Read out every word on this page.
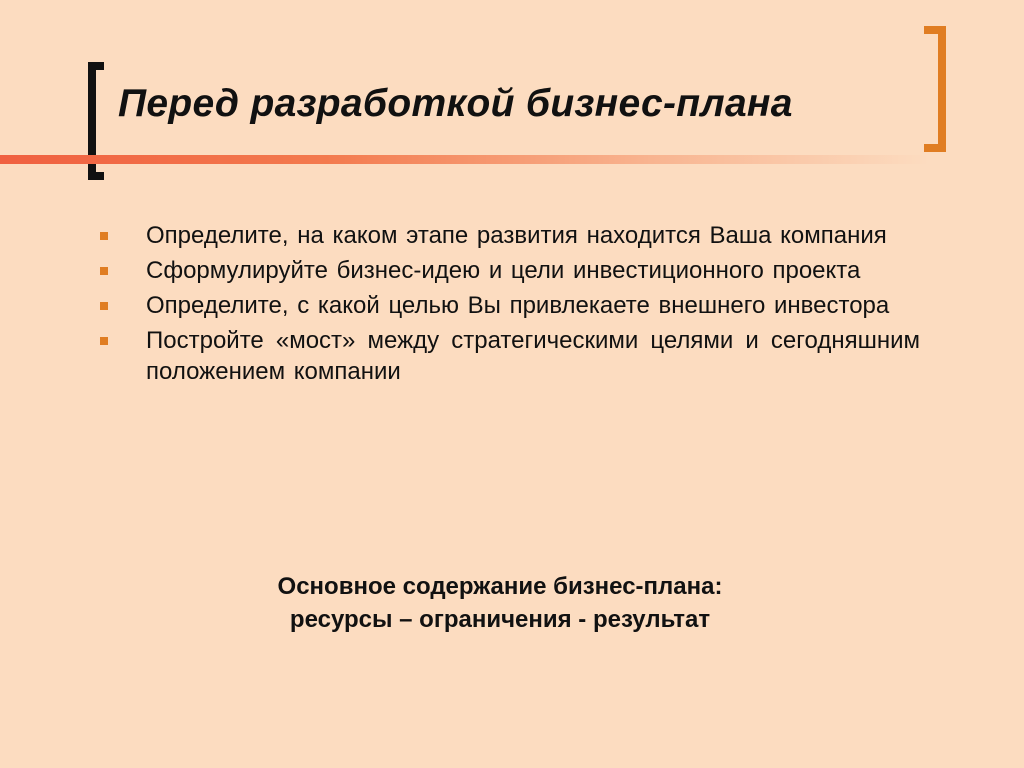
Перед разработкой бизнес-плана
Определите, на каком этапе развития находится Ваша компания
Сформулируйте бизнес-идею и цели инвестиционного проекта
Определите, с какой целью Вы привлекаете внешнего инвестора
Постройте «мост» между стратегическими целями и сегодняшним положением компании
Основное содержание бизнес-плана:
ресурсы – ограничения - результат
